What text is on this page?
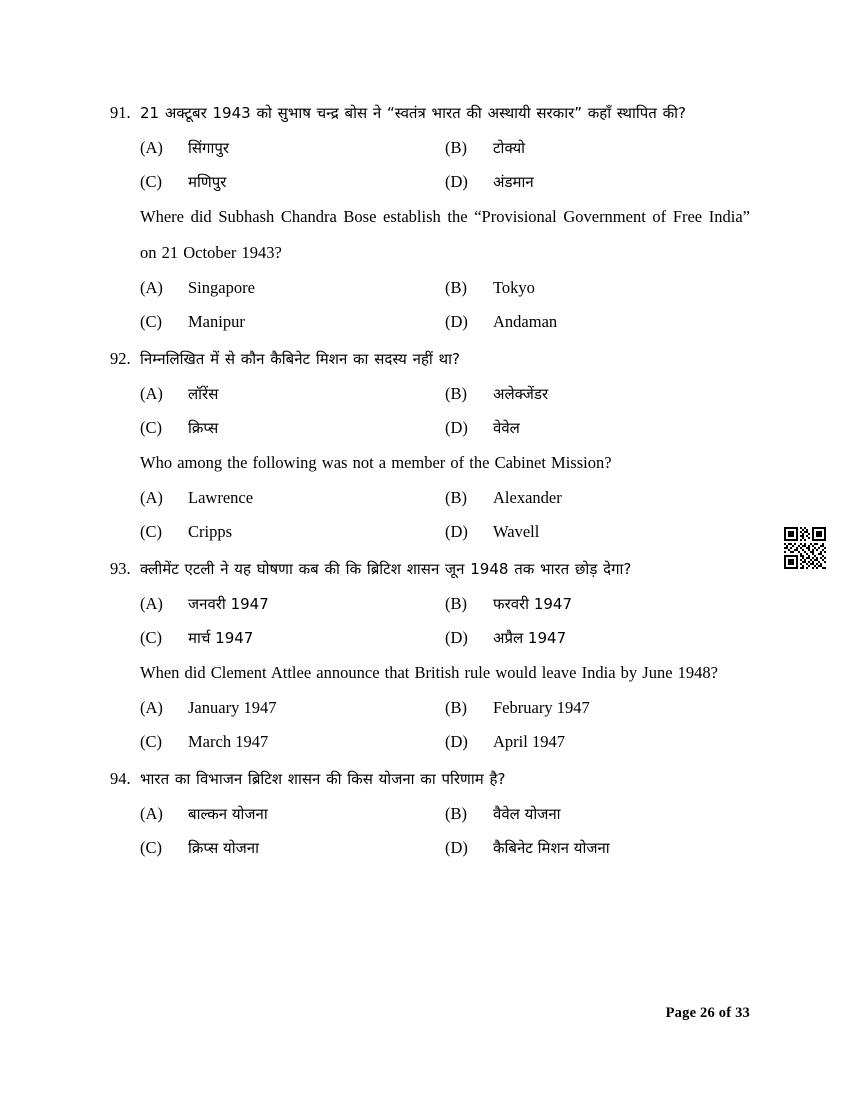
91. 21 अक्टूबर 1943 को सुभाष चन्द्र बोस ने “स्वतंत्र भारत की अस्थायी सरकार” कहाँ स्थापित की?
(A)	सिंगापुर	(B)	टोक्यो
(C)	मणिपुर	(D)	अंडमान
Where did Subhash Chandra Bose establish the “Provisional Government of Free India” on 21 October 1943?
(A)	Singapore	(B)	Tokyo
(C)	Manipur	(D)	Andaman
92. निम्नलिखित में से कौन कैबिनेट मिशन का सदस्य नहीं था?
(A)	लॉरेंस	(B)	अलेक्जेंडर
(C)	क्रिप्स	(D)	वेवेल
Who among the following was not a member of the Cabinet Mission?
(A)	Lawrence	(B)	Alexander
(C)	Cripps	(D)	Wavell
93. क्लीमेंट एटली ने यह घोषणा कब की कि ब्रिटिश शासन जून 1948 तक भारत छोड़ देगा?
(A)	जनवरी 1947	(B)	फरवरी 1947
(C)	मार्च 1947	(D)	अप्रैल 1947
When did Clement Attlee announce that British rule would leave India by June 1948?
(A)	January 1947	(B)	February 1947
(C)	March 1947	(D)	April 1947
94. भारत का विभाजन ब्रिटिश शासन की किस योजना का परिणाम है?
(A)	बाल्कन योजना	(B)	वैवेल योजना
(C)	क्रिप्स योजना	(D)	कैबिनेट मिशन योजना
Page 26 of 33
